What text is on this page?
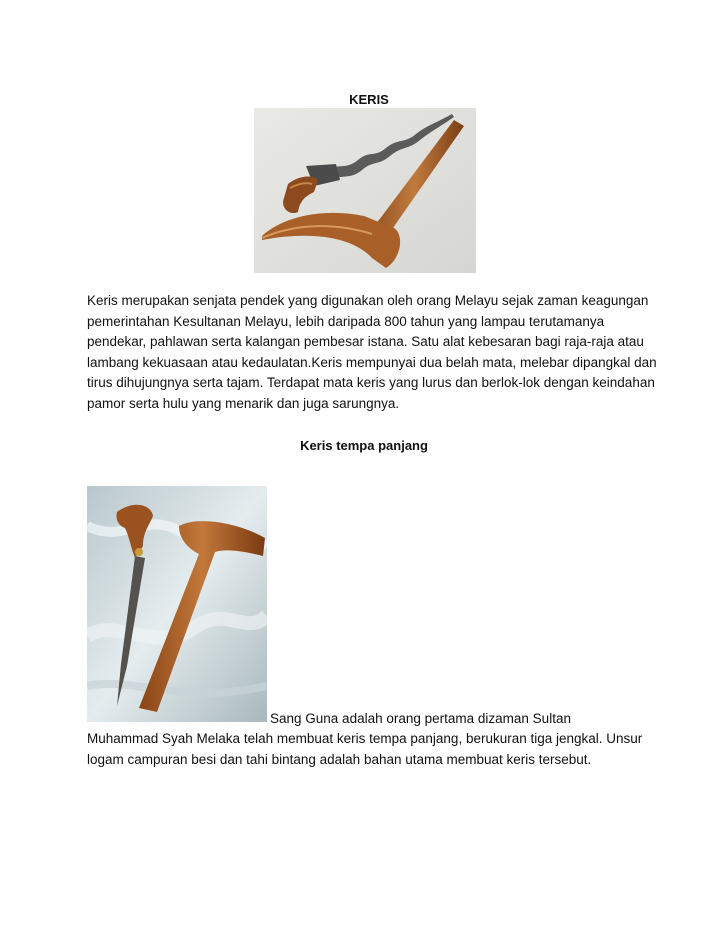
KERIS
Keris merupakan senjata pendek yang digunakan oleh orang Melayu sejak zaman keagungan pemerintahan Kesultanan Melayu, lebih daripada 800 tahun yang lampau terutamanya pendekar, pahlawan serta kalangan pembesar istana. Satu alat kebesaran bagi raja-raja atau lambang kekuasaan atau kedaulatan.Keris mempunyai dua belah mata, melebar dipangkal dan tirus dihujungnya serta tajam. Terdapat mata keris yang lurus dan berlok-lok dengan keindahan pamor serta hulu yang menarik dan juga sarungnya.
Keris tempa panjang
Sang Guna adalah orang pertama dizaman Sultan
Muhammad Syah Melaka telah membuat keris tempa panjang, berukuran tiga jengkal. Unsur logam campuran besi dan tahi bintang adalah bahan utama membuat keris tersebut.
